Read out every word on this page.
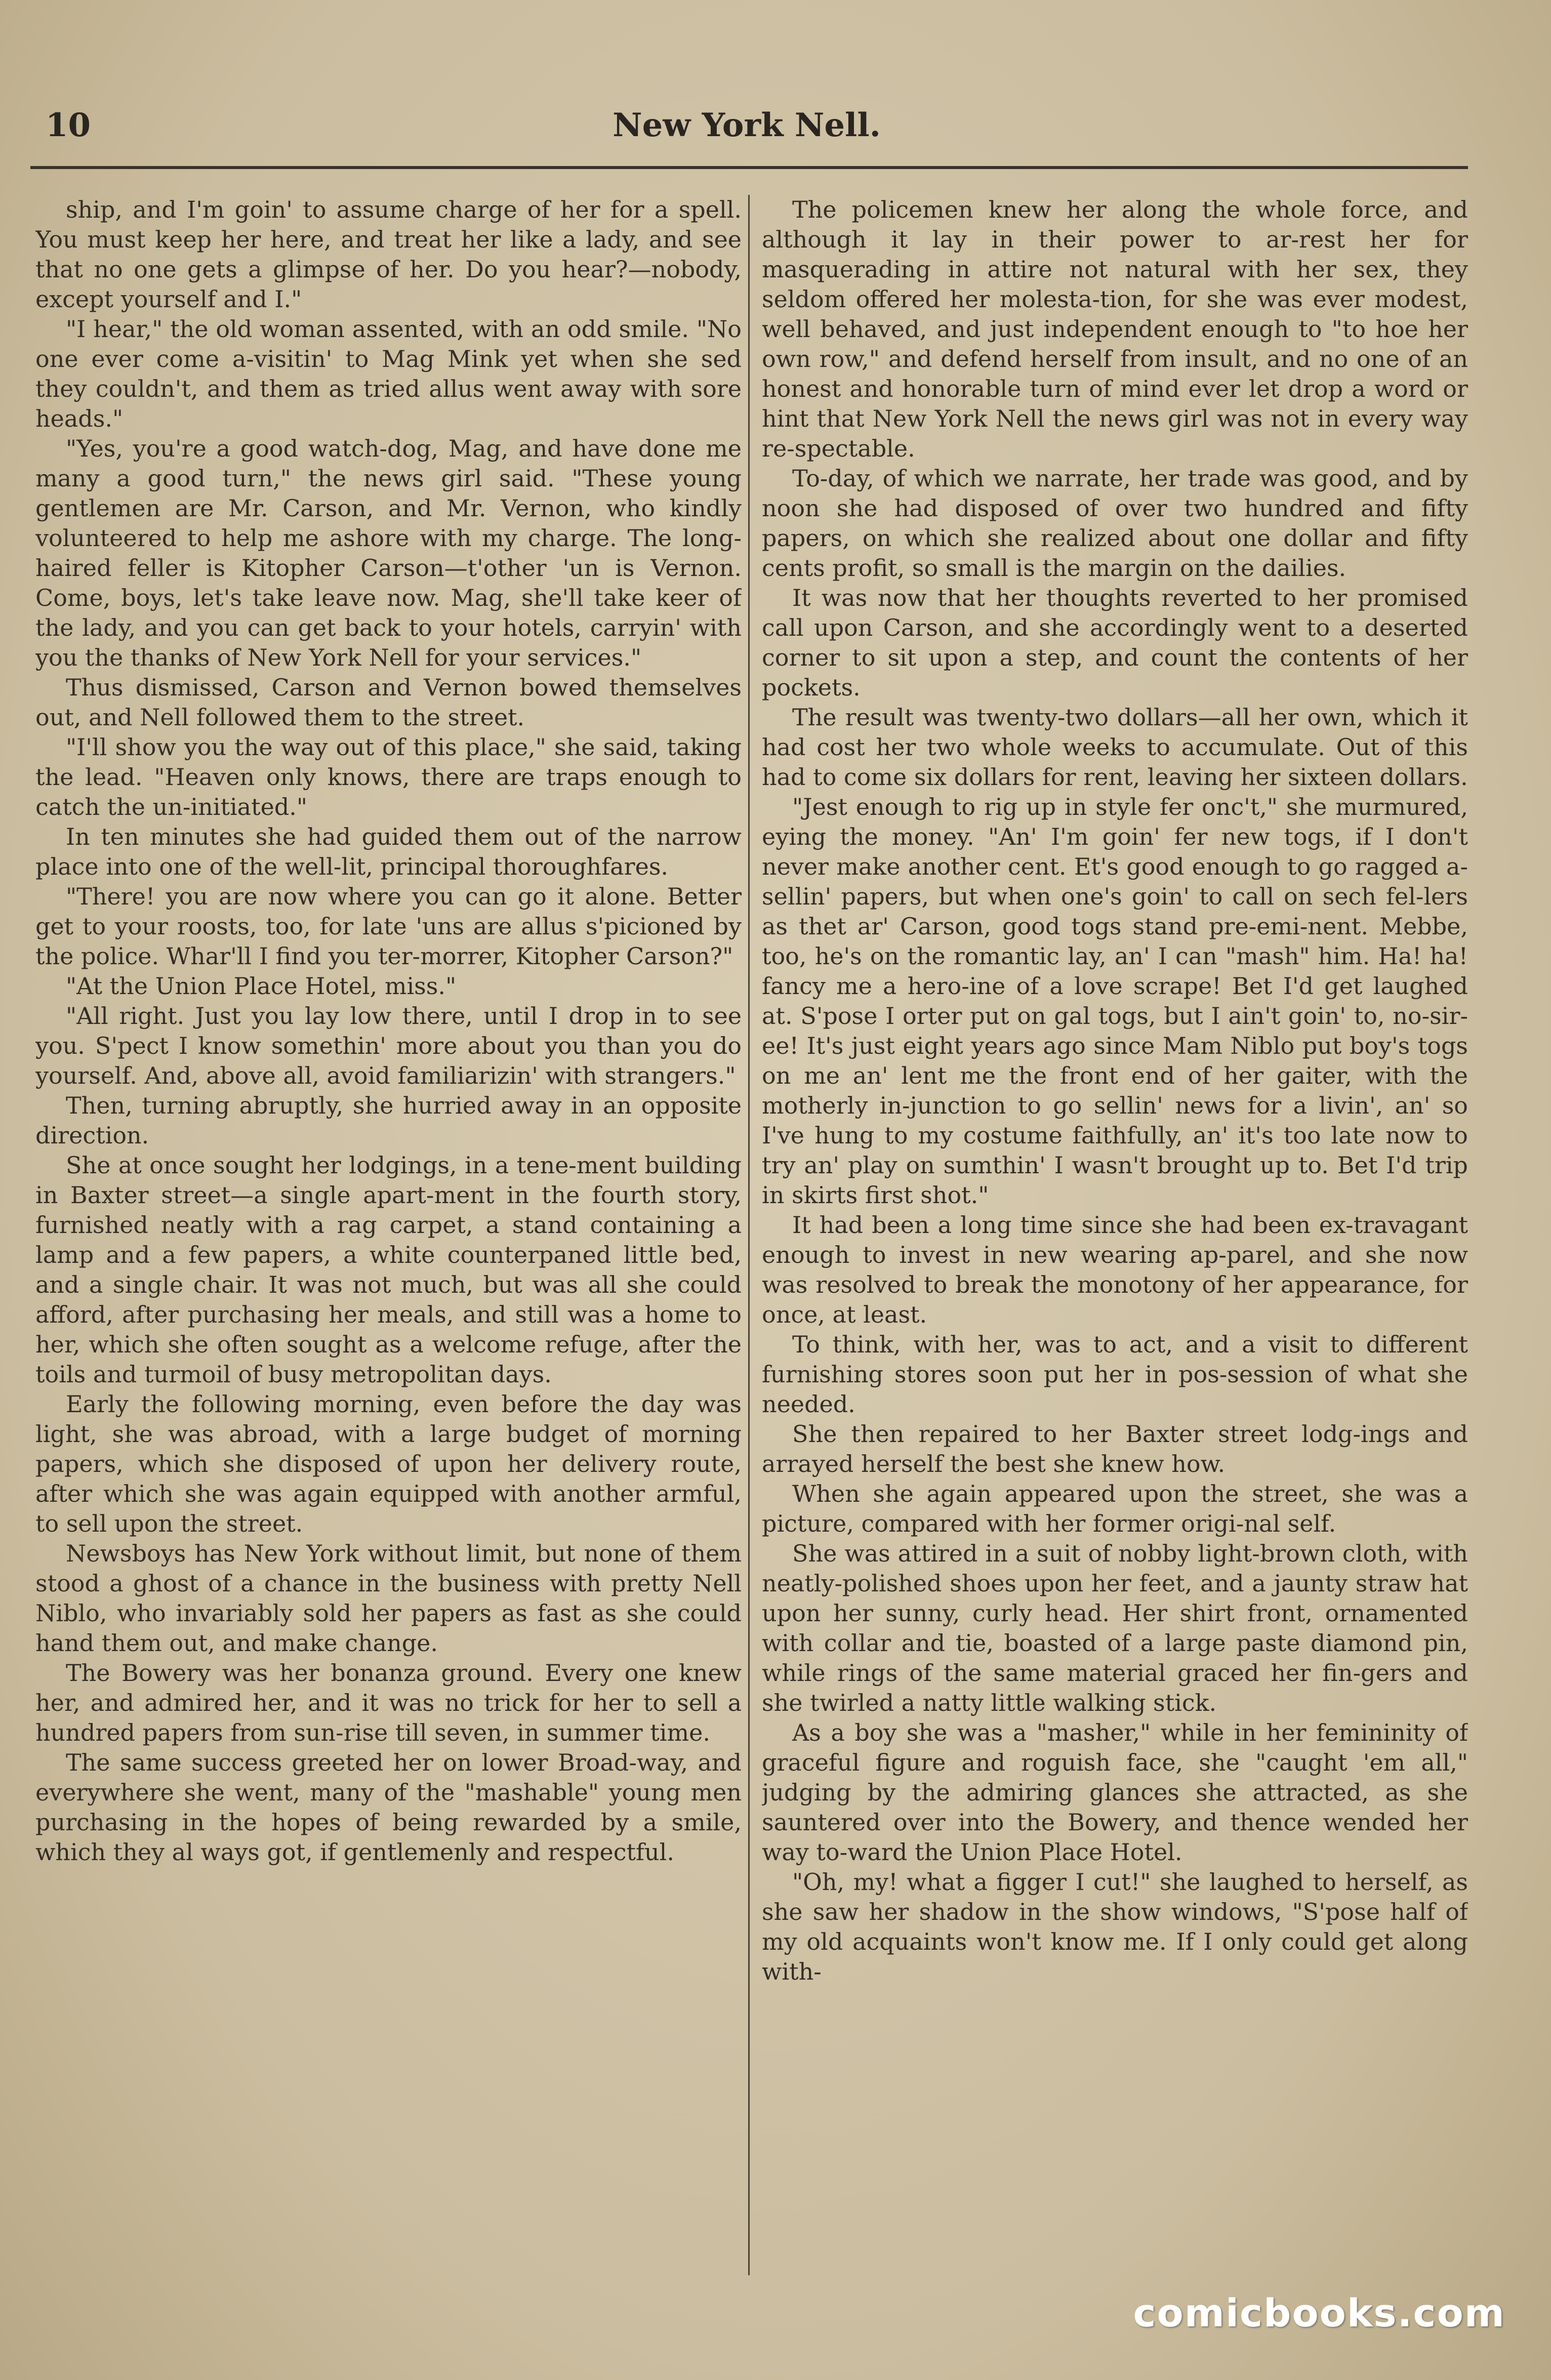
10	New York Nell.

ship, and I'm goin' to assume charge of her for a spell. You must keep her here, and treat her like a lady, and see that no one gets a glimpse of her. Do you hear?—nobody, except yourself and I."

"I hear," the old woman assented, with an odd smile. "No one ever come a-visitin' to Mag Mink yet when she sed they couldn't, and them as tried allus went away with sore heads."

"Yes, you're a good watch-dog, Mag, and have done me many a good turn," the news girl said. "These young gentlemen are Mr. Carson, and Mr. Vernon, who kindly volunteered to help me ashore with my charge. The long-haired feller is Kitopher Carson—t'other 'un is Vernon. Come, boys, let's take leave now. Mag, she'll take keer of the lady, and you can get back to your hotels, carryin' with you the thanks of New York Nell for your services."

Thus dismissed, Carson and Vernon bowed themselves out, and Nell followed them to the street.

"I'll show you the way out of this place," she said, taking the lead. "Heaven only knows, there are traps enough to catch the un-initiated."

In ten minutes she had guided them out of the narrow place into one of the well-lit, principal thoroughfares.

"There! you are now where you can go it alone. Better get to your roosts, too, for late 'uns are allus s'picioned by the police. Whar'll I find you ter-morrer, Kitopher Carson?"

"At the Union Place Hotel, miss."

"All right. Just you lay low there, until I drop in to see you. S'pect I know somethin' more about you than you do yourself. And, above all, avoid familiarizin' with strangers."

Then, turning abruptly, she hurried away in an opposite direction.

She at once sought her lodgings, in a tene-ment building in Baxter street—a single apart-ment in the fourth story, furnished neatly with a rag carpet, a stand containing a lamp and a few papers, a white counterpaned little bed, and a single chair. It was not much, but was all she could afford, after purchasing her meals, and still was a home to her, which she often sought as a welcome refuge, after the toils and turmoil of busy metropolitan days.

Early the following morning, even before the day was light, she was abroad, with a large budget of morning papers, which she disposed of upon her delivery route, after which she was again equipped with another armful, to sell upon the street.

Newsboys has New York without limit, but none of them stood a ghost of a chance in the business with pretty Nell Niblo, who invariably sold her papers as fast as she could hand them out, and make change.

The Bowery was her bonanza ground. Every one knew her, and admired her, and it was no trick for her to sell a hundred papers from sun-rise till seven, in summer time.

The same success greeted her on lower Broad-way, and everywhere she went, many of the "mashable" young men purchasing in the hopes of being rewarded by a smile, which they al ways got, if gentlemenly and respectful.

The policemen knew her along the whole force, and although it lay in their power to ar-rest her for masquerading in attire not natural with her sex, they seldom offered her molesta-tion, for she was ever modest, well behaved, and just independent enough to "to hoe her own row," and defend herself from insult, and no one of an honest and honorable turn of mind ever let drop a word or hint that New York Nell the news girl was not in every way re-spectable.

To-day, of which we narrate, her trade was good, and by noon she had disposed of over two hundred and fifty papers, on which she realized about one dollar and fifty cents profit, so small is the margin on the dailies.

It was now that her thoughts reverted to her promised call upon Carson, and she accordingly went to a deserted corner to sit upon a step, and count the contents of her pockets.

The result was twenty-two dollars—all her own, which it had cost her two whole weeks to accumulate. Out of this had to come six dollars for rent, leaving her sixteen dollars.

"Jest enough to rig up in style fer onc't," she murmured, eying the money. "An' I'm goin' fer new togs, if I don't never make another cent. Et's good enough to go ragged a-sellin' papers, but when one's goin' to call on sech fel-lers as thet ar' Carson, good togs stand pre-emi-nent. Mebbe, too, he's on the romantic lay, an' I can "mash" him. Ha! ha! fancy me a hero-ine of a love scrape! Bet I'd get laughed at. S'pose I orter put on gal togs, but I ain't goin' to, no-sir-ee! It's just eight years ago since Mam Niblo put boy's togs on me an' lent me the front end of her gaiter, with the motherly in-junction to go sellin' news for a livin', an' so I've hung to my costume faithfully, an' it's too late now to try an' play on sumthin' I wasn't brought up to. Bet I'd trip in skirts first shot."

It had been a long time since she had been ex-travagant enough to invest in new wearing ap-parel, and she now was resolved to break the monotony of her appearance, for once, at least.

To think, with her, was to act, and a visit to different furnishing stores soon put her in pos-session of what she needed.

She then repaired to her Baxter street lodg-ings and arrayed herself the best she knew how.

When she again appeared upon the street, she was a picture, compared with her former origi-nal self.

She was attired in a suit of nobby light-brown cloth, with neatly-polished shoes upon her feet, and a jaunty straw hat upon her sunny, curly head. Her shirt front, ornamented with collar and tie, boasted of a large paste diamond pin, while rings of the same material graced her fin-gers and she twirled a natty little walking stick.

As a boy she was a "masher," while in her femininity of graceful figure and roguish face, she "caught 'em all," judging by the admiring glances she attracted, as she sauntered over into the Bowery, and thence wended her way to-ward the Union Place Hotel.

"Oh, my! what a figger I cut!" she laughed to herself, as she saw her shadow in the show windows, "S'pose half of my old acquaints won't know me. If I only could get along with-

comicbooks.com
